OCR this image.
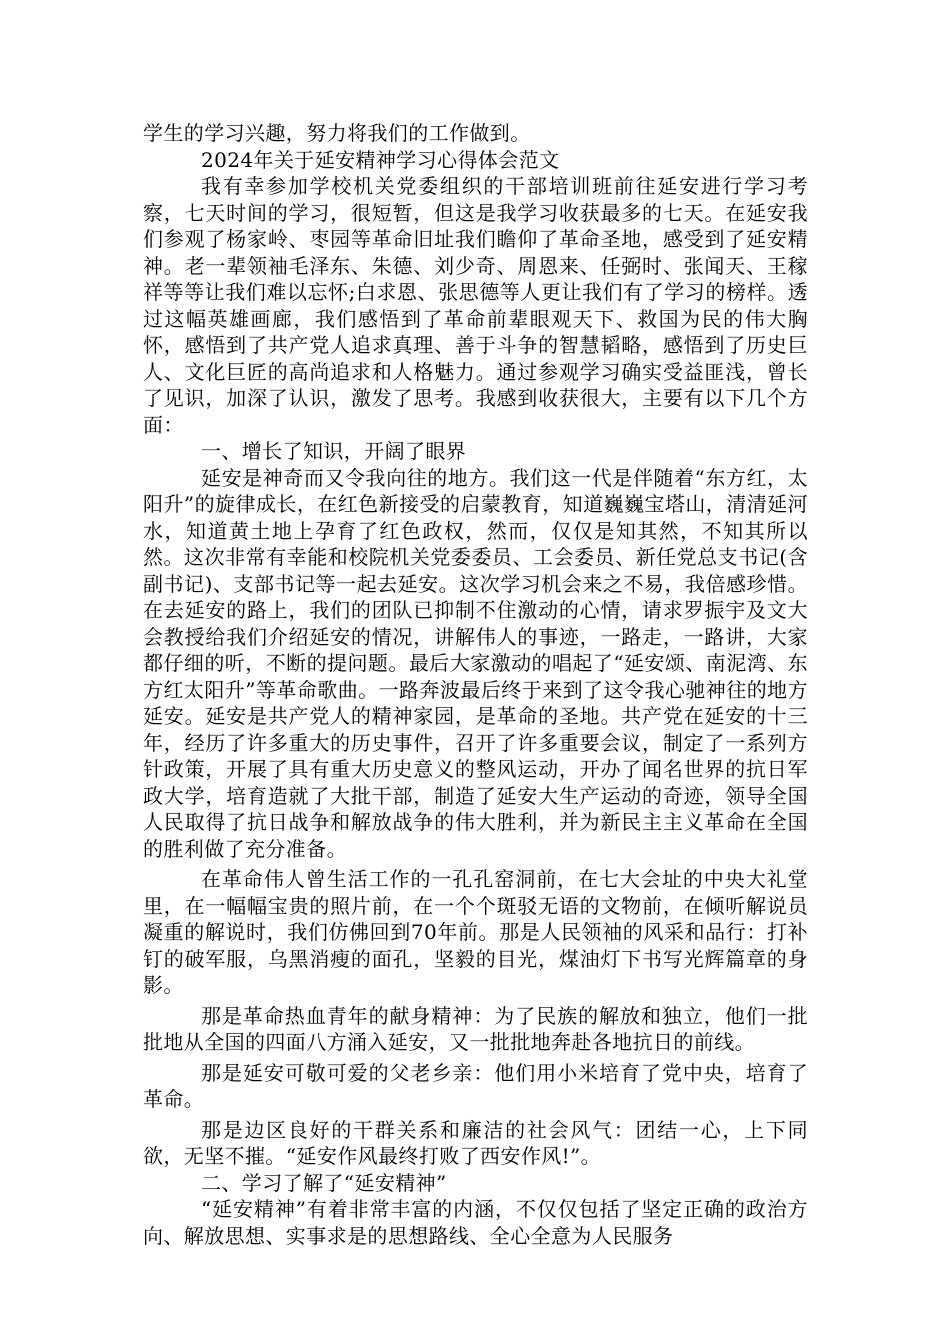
学生的学习兴趣，努力将我们的工作做到。

2024年关于延安精神学习心得体会范文

我有幸参加学校机关党委组织的干部培训班前往延安进行学习考察，七天时间的学习，很短暂，但这是我学习收获最多的七天。在延安我们参观了杨家岭、枣园等革命旧址我们瞻仰了革命圣地，感受到了延安精神。老一辈领袖毛泽东、朱德、刘少奇、周恩来、任弼时、张闻天、王稼祥等等让我们难以忘怀;白求恩、张思德等人更让我们有了学习的榜样。透过这幅英雄画廊，我们感悟到了革命前辈眼观天下、救国为民的伟大胸怀，感悟到了共产党人追求真理、善于斗争的智慧韬略，感悟到了历史巨人、文化巨匠的高尚追求和人格魅力。通过参观学习确实受益匪浅，曾长了见识，加深了认识，激发了思考。我感到收获很大，主要有以下几个方面：

一、增长了知识，开阔了眼界

延安是神奇而又令我向往的地方。我们这一代是伴随着“东方红，太阳升”的旋律成长，在红色新接受的启蒙教育，知道巍巍宝塔山，清清延河水，知道黄土地上孕育了红色政权，然而，仅仅是知其然，不知其所以然。这次非常有幸能和校院机关党委委员、工会委员、新任党总支书记(含副书记)、支部书记等一起去延安。这次学习机会来之不易，我倍感珍惜。在去延安的路上，我们的团队已抑制不住激动的心情，请求罗振宇及文大会教授给我们介绍延安的情况，讲解伟人的事迹，一路走，一路讲，大家都仔细的听，不断的提问题。最后大家激动的唱起了“延安颂、南泥湾、东方红太阳升”等革命歌曲。一路奔波最后终于来到了这令我心驰神往的地方延安。延安是共产党人的精神家园，是革命的圣地。共产党在延安的十三年，经历了许多重大的历史事件，召开了许多重要会议，制定了一系列方针政策，开展了具有重大历史意义的整风运动，开办了闻名世界的抗日军政大学，培育造就了大批干部，制造了延安大生产运动的奇迹，领导全国人民取得了抗日战争和解放战争的伟大胜利，并为新民主主义革命在全国的胜利做了充分准备。

在革命伟人曾生活工作的一孔孔窑洞前，在七大会址的中央大礼堂里，在一幅幅宝贵的照片前，在一个个斑驳无语的文物前，在倾听解说员凝重的解说时，我们仿佛回到70年前。那是人民领袖的风采和品行：打补钉的破军服，乌黑消瘦的面孔，坚毅的目光，煤油灯下书写光辉篇章的身影。

那是革命热血青年的献身精神：为了民族的解放和独立，他们一批批地从全国的四面八方涌入延安，又一批批地奔赴各地抗日的前线。

那是延安可敬可爱的父老乡亲：他们用小米培育了党中央，培育了革命。

那是边区良好的干群关系和廉洁的社会风气：团结一心，上下同欲，无坚不摧。“延安作风最终打败了西安作风!”。

二、学习了解了“延安精神”

“延安精神”有着非常丰富的内涵，不仅仅包括了坚定正确的政治方向、解放思想、实事求是的思想路线、全心全意为人民服务
